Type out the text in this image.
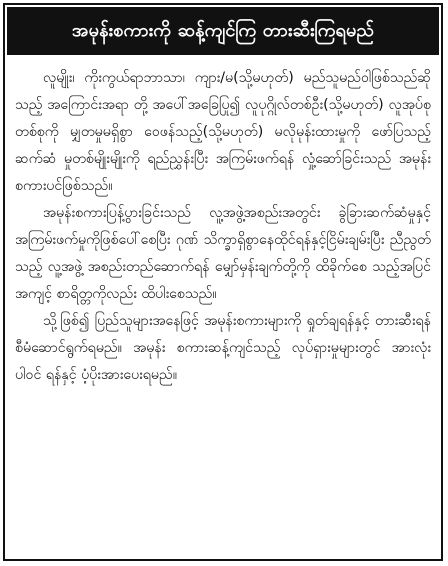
အမုန်းစကားကို ဆန့်ကျင်ကြ တားဆီးကြရမည်

လူမျိုး၊ ကိုးကွယ်ရာဘာသာ၊ ကျား/မ(သို့မဟုတ်) မည်သူမည်ဝါဖြစ်သည်ဆိုသည့် အကြောင်းအရာ တို့ အပေါ်အခြေပြု၍ လူပုဂ္ဂိုလ်တစ်ဦး(သို့မဟုတ်) လူအုပ်စု တစ်စုကို မျှတမှုမရှိစွာ ဝေဖန်သည့်(သို့မဟုတ်) မလိုမုန်းထားမှုကို ဖော်ပြသည့် ဆက်ဆံ မှုတစ်မျိုးမျိုးကို ရည်ညွှန်းပြီး အကြမ်းဖက်ရန် လှုံ့ဆော်ခြင်းသည် အမုန်းစကားပင်ဖြစ်သည်။

အမုန်းစကားပြန့်ပွားခြင်းသည် လူ့အဖွဲ့အစည်းအတွင်း ခွဲခြားဆက်ဆံမှုနှင့် အကြမ်းဖက်မှုကိုဖြစ်ပေါ်စေပြီး ဂုဏ် သိက္ခာရှိစွာနေထိုင်ရန်နှင့်ငြိမ်းချမ်းပြီး ညီညွတ်သည့် လူ့အဖွဲ့ အစည်းတည်ဆောက်ရန် မျှော်မှန်းချက်တို့ကို ထိခိုက်စေ သည့်အပြင် အကျင့် စာရိတ္တကိုလည်း ထိပါးစေသည်။

သို့ဖြစ်၍ ပြည်သူများအနေဖြင့် အမုန်းစကားများကို ရှုတ်ချရန်နှင့် တားဆီးရန် စီမံဆောင်ရွက်ရမည်။ အမုန်း စကားဆန့်ကျင်သည့် လုပ်ရှားမှုများတွင် အားလုံး ပါဝင် ရန်နှင့် ပံ့ပိုးအားပေးရမည်။
